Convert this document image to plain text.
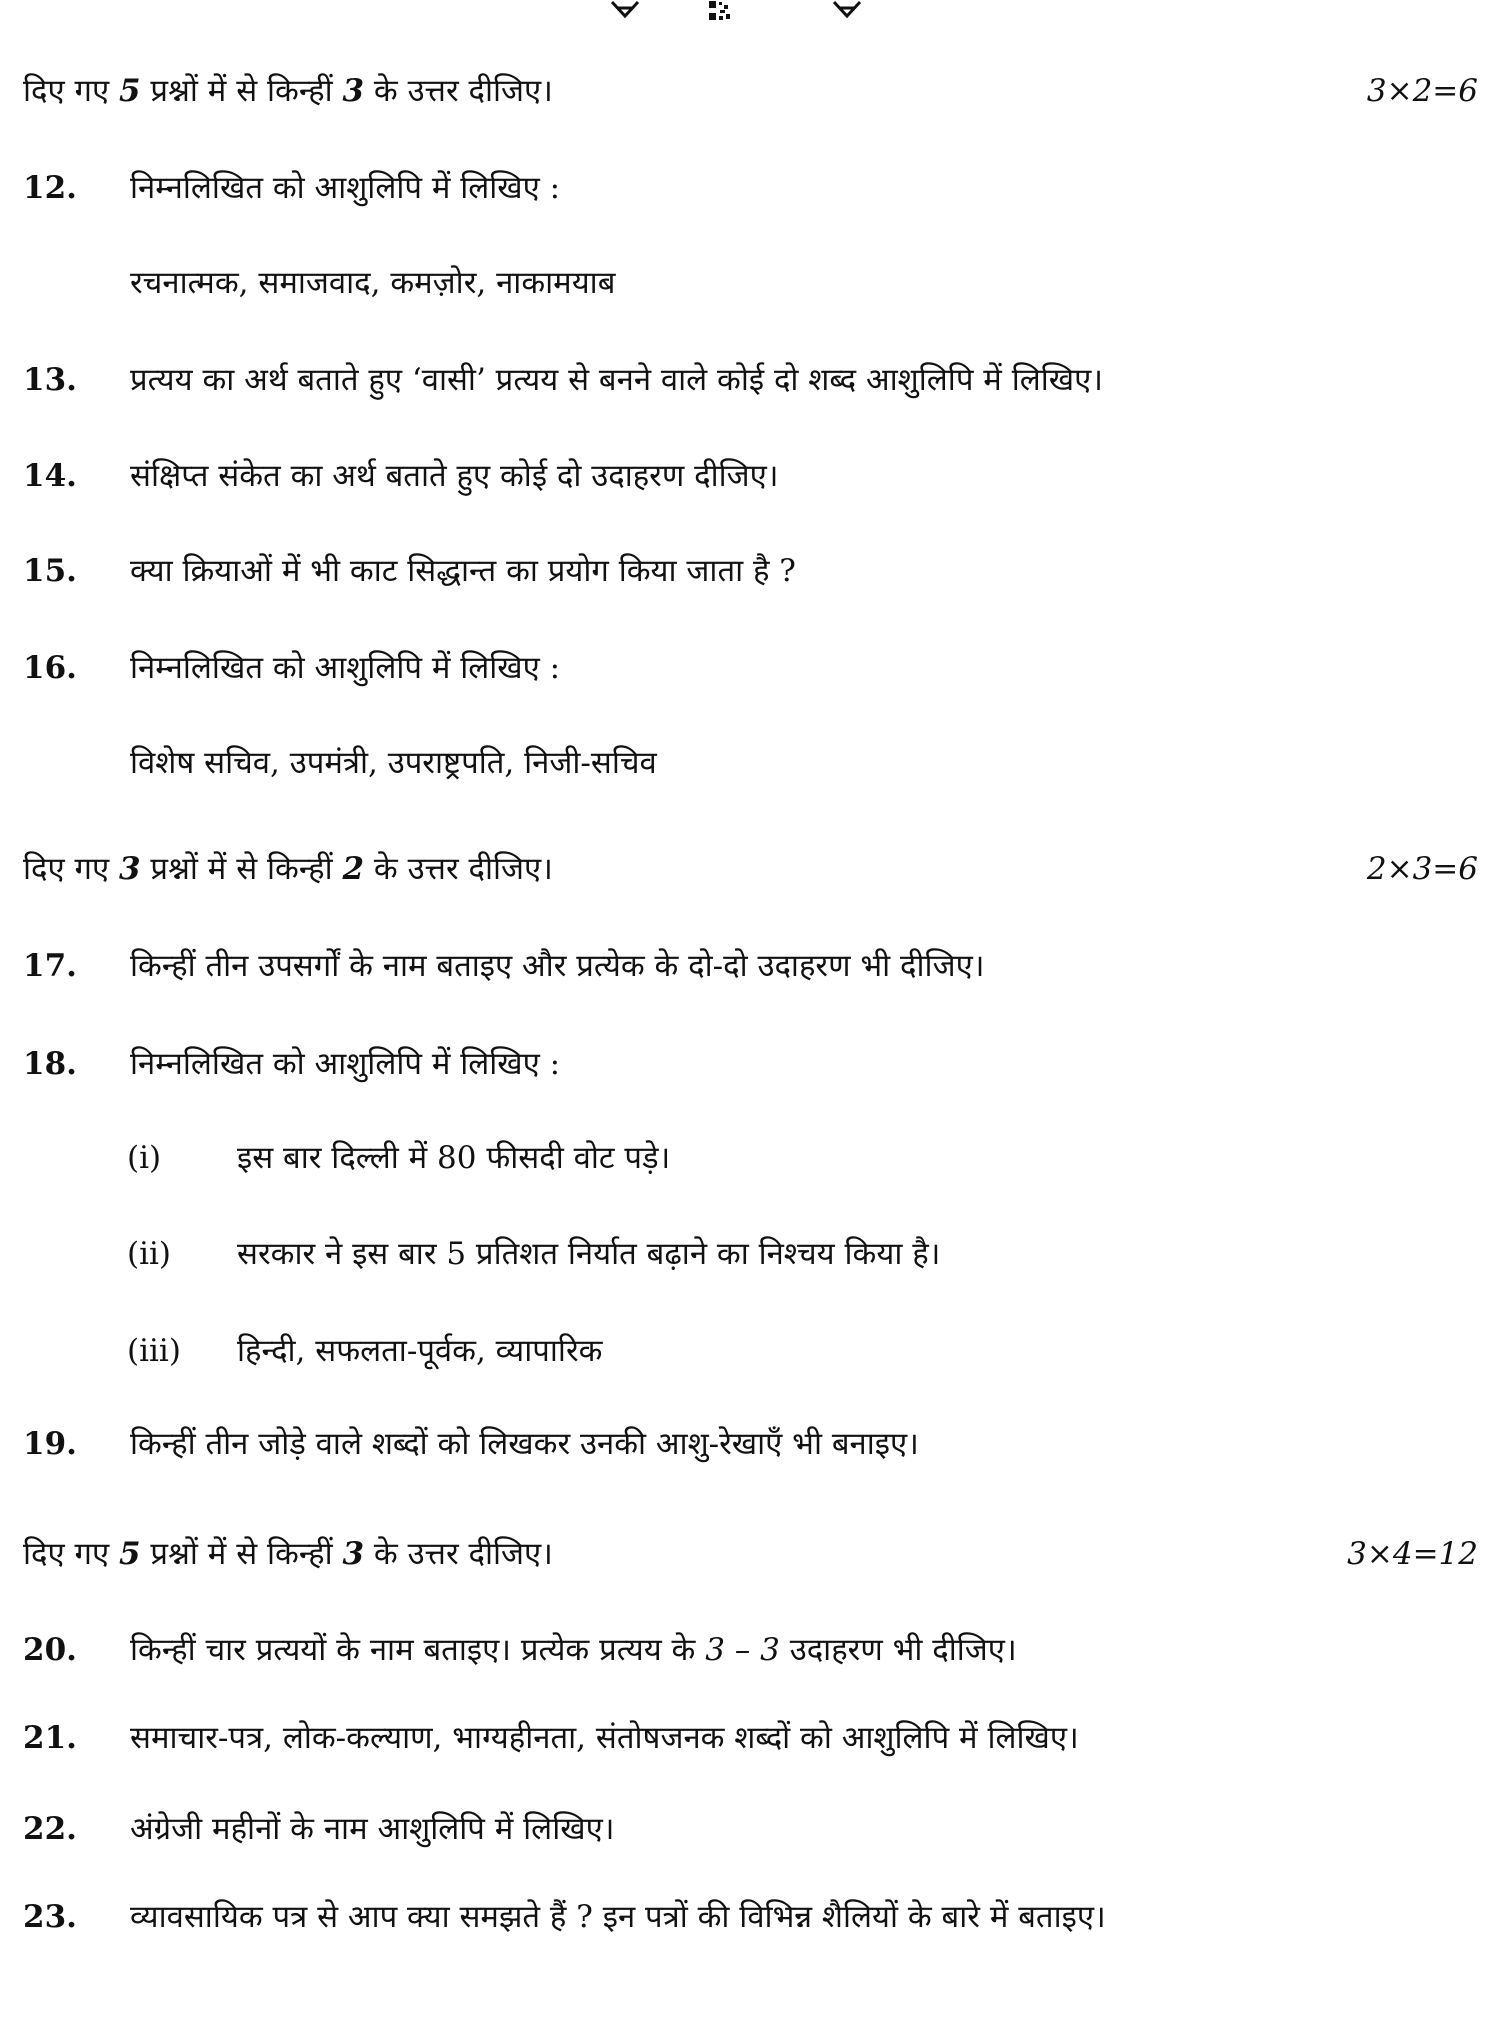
दिए गए 5 प्रश्नों में से किन्हीं 3 के उत्तर दीजिए।	3×2=6
12. निम्नलिखित को आशुलिपि में लिखिए :
रचनात्मक, समाजवाद, कमज़ोर, नाकामयाब
13. प्रत्यय का अर्थ बताते हुए ‘वासी’ प्रत्यय से बनने वाले कोई दो शब्द आशुलिपि में लिखिए।
14. संक्षिप्त संकेत का अर्थ बताते हुए कोई दो उदाहरण दीजिए।
15. क्या क्रियाओं में भी काट सिद्धान्त का प्रयोग किया जाता है ?
16. निम्नलिखित को आशुलिपि में लिखिए :
विशेष सचिव, उपमंत्री, उपराष्ट्रपति, निजी-सचिव
दिए गए 3 प्रश्नों में से किन्हीं 2 के उत्तर दीजिए।	2×3=6
17. किन्हीं तीन उपसर्गों के नाम बताइए और प्रत्येक के दो-दो उदाहरण भी दीजिए।
18. निम्नलिखित को आशुलिपि में लिखिए :
(i) इस बार दिल्ली में 80 फीसदी वोट पड़े।
(ii) सरकार ने इस बार 5 प्रतिशत निर्यात बढ़ाने का निश्चय किया है।
(iii) हिन्दी, सफलता-पूर्वक, व्यापारिक
19. किन्हीं तीन जोड़े वाले शब्दों को लिखकर उनकी आशु-रेखाएँ भी बनाइए।
दिए गए 5 प्रश्नों में से किन्हीं 3 के उत्तर दीजिए।	3×4=12
20. किन्हीं चार प्रत्ययों के नाम बताइए। प्रत्येक प्रत्यय के 3 – 3 उदाहरण भी दीजिए।
21. समाचार-पत्र, लोक-कल्याण, भाग्यहीनता, संतोषजनक शब्दों को आशुलिपि में लिखिए।
22. अंग्रेजी महीनों के नाम आशुलिपि में लिखिए।
23. व्यावसायिक पत्र से आप क्या समझते हैं ? इन पत्रों की विभिन्न शैलियों के बारे में बताइए।
